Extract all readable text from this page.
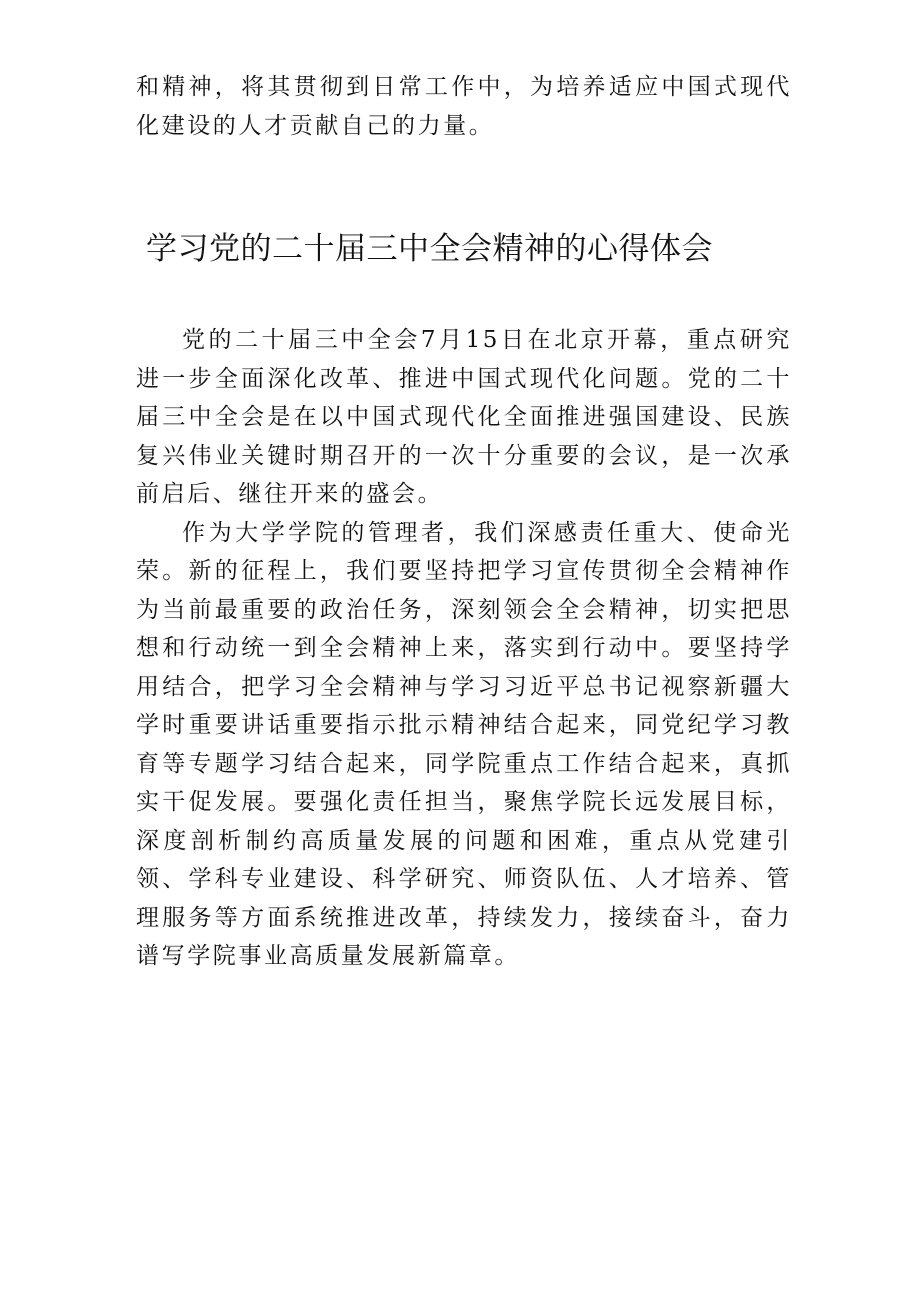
和精神，将其贯彻到日常工作中，为培养适应中国式现代化建设的人才贡献自己的力量。

学习党的二十届三中全会精神的心得体会

党的二十届三中全会7月15日在北京开幕，重点研究进一步全面深化改革、推进中国式现代化问题。党的二十届三中全会是在以中国式现代化全面推进强国建设、民族复兴伟业关键时期召开的一次十分重要的会议，是一次承前启后、继往开来的盛会。

作为大学学院的管理者，我们深感责任重大、使命光荣。新的征程上，我们要坚持把学习宣传贯彻全会精神作为当前最重要的政治任务，深刻领会全会精神，切实把思想和行动统一到全会精神上来，落实到行动中。要坚持学用结合，把学习全会精神与学习习近平总书记视察新疆大学时重要讲话重要指示批示精神结合起来，同党纪学习教育等专题学习结合起来，同学院重点工作结合起来，真抓实干促发展。要强化责任担当，聚焦学院长远发展目标，深度剖析制约高质量发展的问题和困难，重点从党建引领、学科专业建设、科学研究、师资队伍、人才培养、管理服务等方面系统推进改革，持续发力，接续奋斗，奋力谱写学院事业高质量发展新篇章。
